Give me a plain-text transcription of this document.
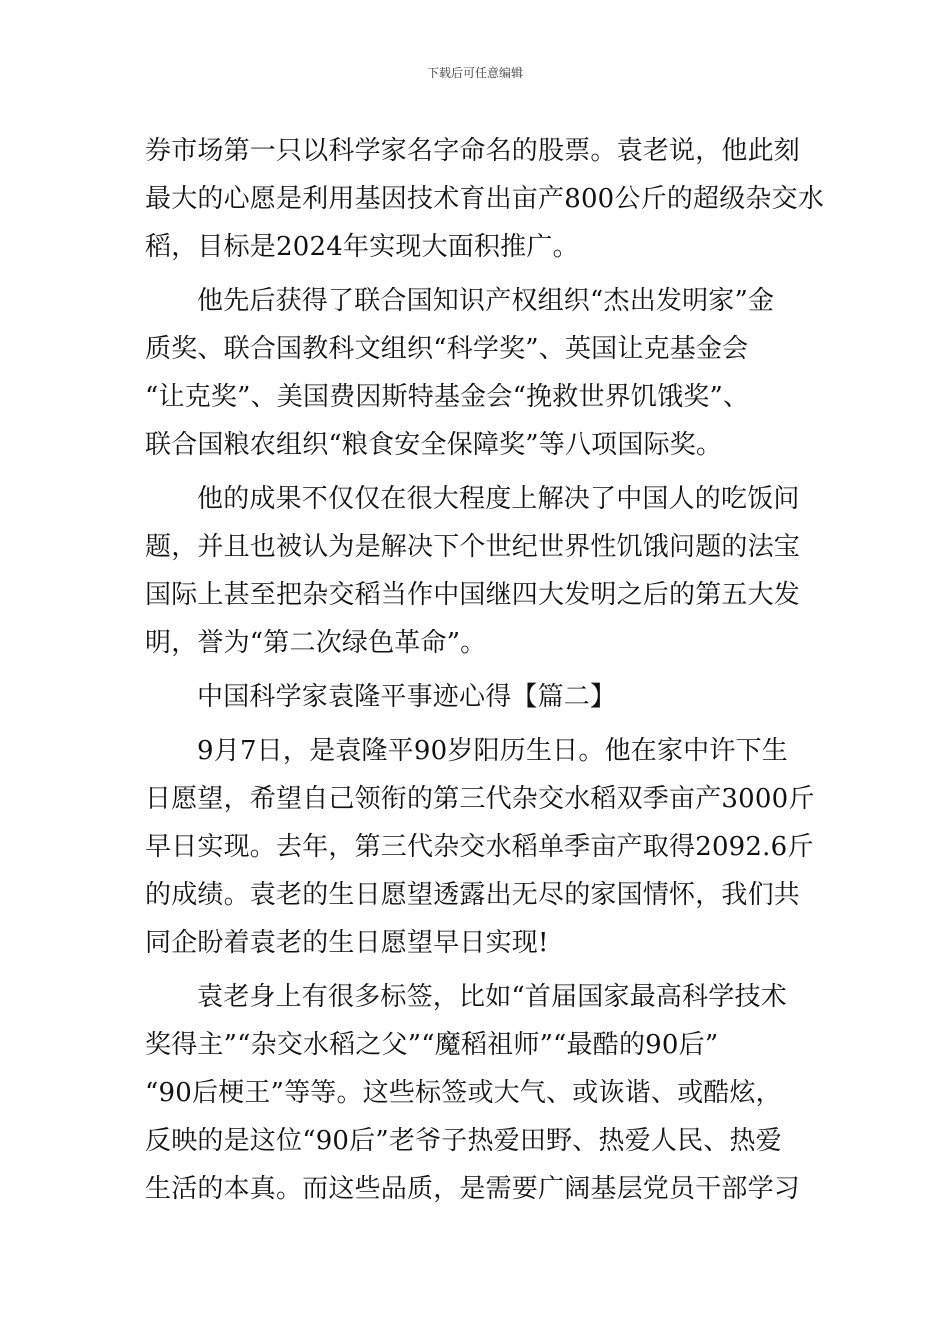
下载后可任意编辑
券市场第一只以科学家名字命名的股票。袁老说，他此刻
最大的心愿是利用基因技术育出亩产800公斤的超级杂交水
稻，目标是2024年实现大面积推广。
他先后获得了联合国知识产权组织“杰出发明家”金
质奖、联合国教科文组织“科学奖”、英国让克基金会
“让克奖”、美国费因斯特基金会“挽救世界饥饿奖”、
联合国粮农组织“粮食安全保障奖”等八项国际奖。
他的成果不仅仅在很大程度上解决了中国人的吃饭问
题，并且也被认为是解决下个世纪世界性饥饿问题的法宝
国际上甚至把杂交稻当作中国继四大发明之后的第五大发
明，誉为“第二次绿色革命”。
中国科学家袁隆平事迹心得【篇二】
9月7日，是袁隆平90岁阳历生日。他在家中许下生
日愿望，希望自己领衔的第三代杂交水稻双季亩产3000斤
早日实现。去年，第三代杂交水稻单季亩产取得2092.6斤
的成绩。袁老的生日愿望透露出无尽的家国情怀，我们共
同企盼着袁老的生日愿望早日实现!
袁老身上有很多标签，比如“首届国家最高科学技术
奖得主”“杂交水稻之父”“魔稻祖师”“最酷的90后”
“90后梗王”等等。这些标签或大气、或诙谐、或酷炫，
反映的是这位“90后”老爷子热爱田野、热爱人民、热爱
生活的本真。而这些品质，是需要广阔基层党员干部学习
